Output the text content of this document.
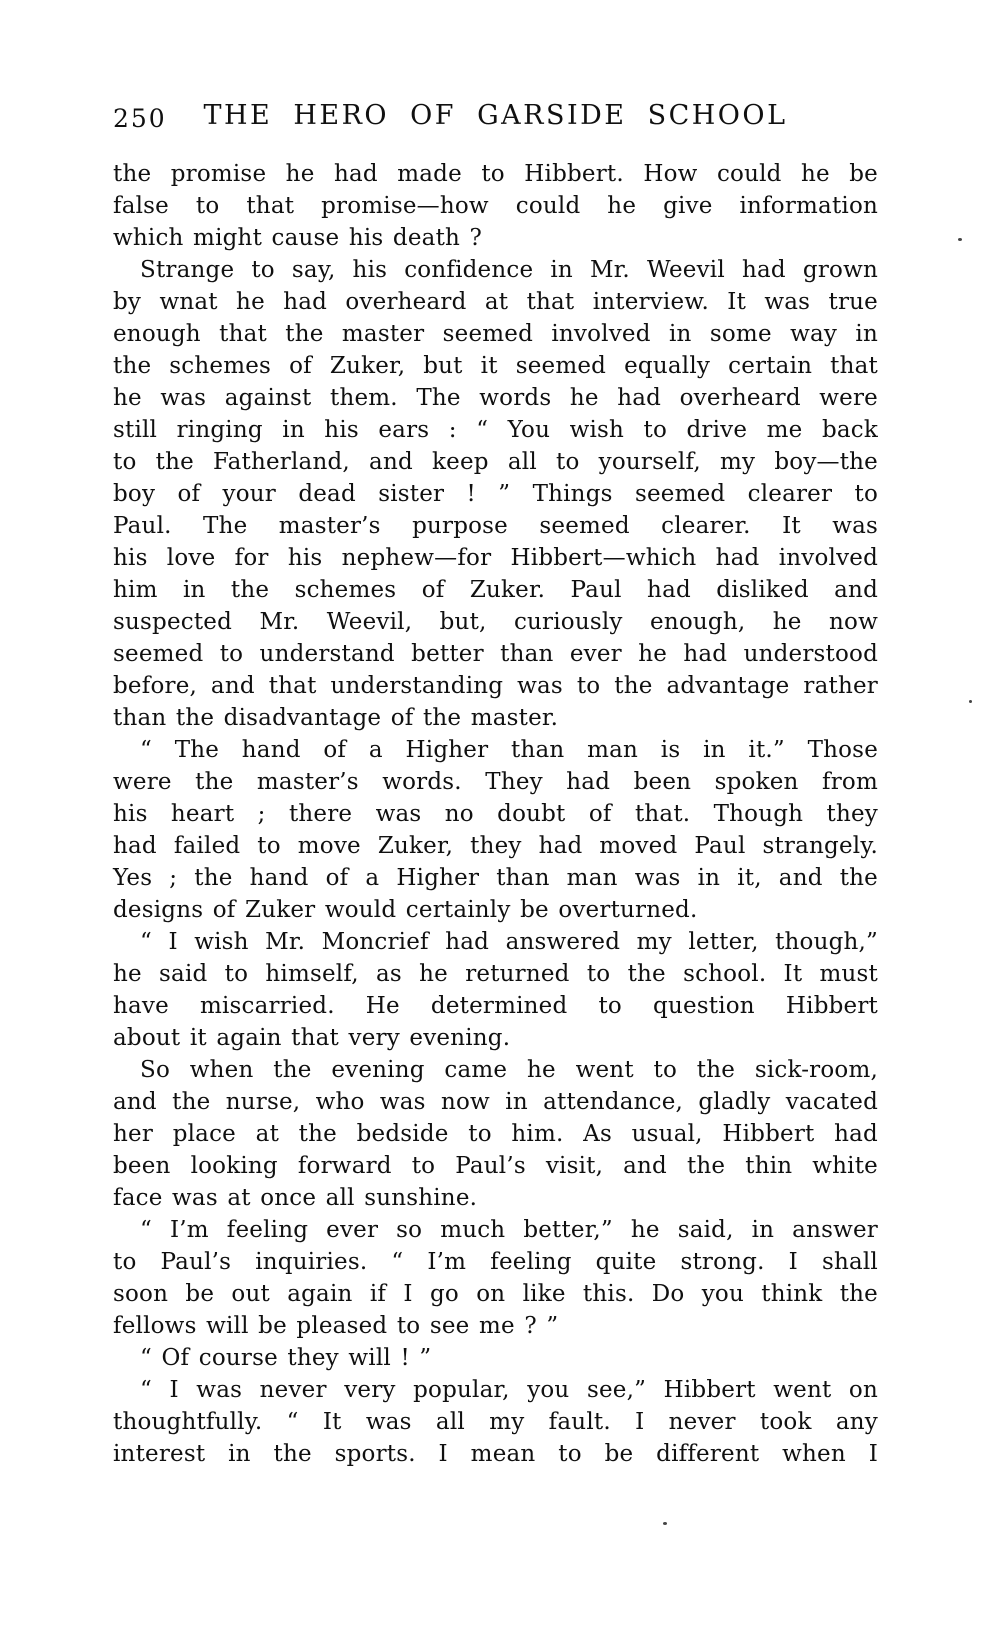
250	THE HERO OF GARSIDE SCHOOL
the promise he had made to Hibbert. How could he be
false to that promise—how could he give information
which might cause his death ?
Strange to say, his confidence in Mr. Weevil had grown
by wnat he had overheard at that interview. It was true
enough that the master seemed involved in some way in
the schemes of Zuker, but it seemed equally certain that
he was against them. The words he had overheard were
still ringing in his ears : “ You wish to drive me back
to the Fatherland, and keep all to yourself, my boy—the
boy of your dead sister ! ” Things seemed clearer to
Paul. The master’s purpose seemed clearer. It was
his love for his nephew—for Hibbert—which had involved
him in the schemes of Zuker. Paul had disliked and
suspected Mr. Weevil, but, curiously enough, he now
seemed to understand better than ever he had understood
before, and that understanding was to the advantage rather
than the disadvantage of the master.
“ The hand of a Higher than man is in it.” Those
were the master’s words. They had been spoken from
his heart ; there was no doubt of that. Though they
had failed to move Zuker, they had moved Paul strangely.
Yes ; the hand of a Higher than man was in it, and the
designs of Zuker would certainly be overturned.
“ I wish Mr. Moncrief had answered my letter, though,”
he said to himself, as he returned to the school. It must
have miscarried. He determined to question Hibbert
about it again that very evening.
So when the evening came he went to the sick-room,
and the nurse, who was now in attendance, gladly vacated
her place at the bedside to him. As usual, Hibbert had
been looking forward to Paul’s visit, and the thin white
face was at once all sunshine.
“ I’m feeling ever so much better,” he said, in answer
to Paul’s inquiries. “ I’m feeling quite strong. I shall
soon be out again if I go on like this. Do you think the
fellows will be pleased to see me ? ”
“ Of course they will ! ”
“ I was never very popular, you see,” Hibbert went on
thoughtfully. “ It was all my fault. I never took any
interest in the sports. I mean to be different when I
